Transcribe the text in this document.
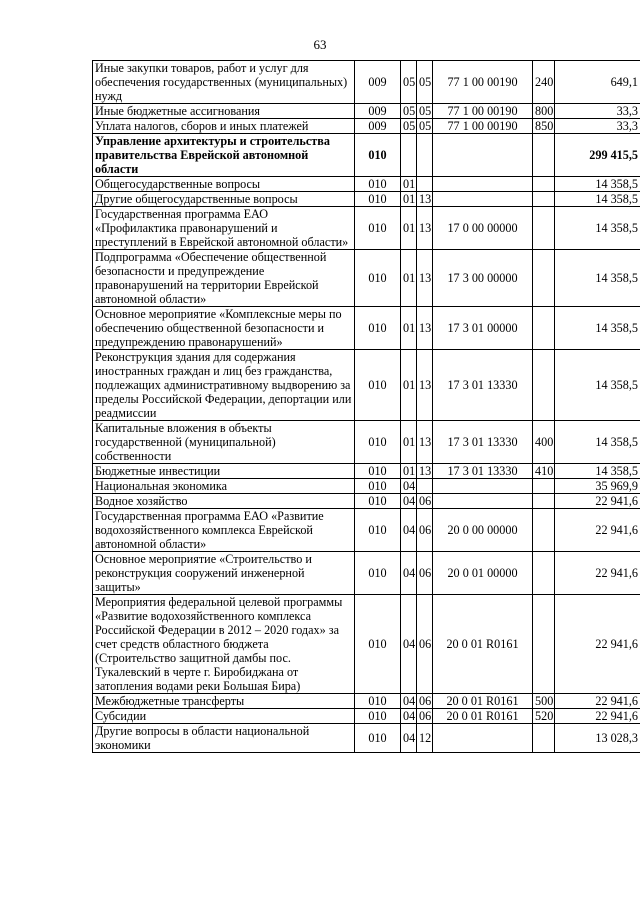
63
Иные закупки товаров, работ и услуг для обеспечения государственных (муниципальных) нужд	009	05	05	77 1 00 00190	240	649,1
Иные бюджетные ассигнования	009	05	05	77 1 00 00190	800	33,3
Уплата налогов, сборов и иных платежей	009	05	05	77 1 00 00190	850	33,3
Управление архитектуры и строительства правительства Еврейской автономной области	010					299 415,5
Общегосударственные вопросы	010	01				14 358,5
Другие общегосударственные вопросы	010	01	13			14 358,5
Государственная программа ЕАО «Профилактика правонарушений и преступлений в Еврейской автономной области»	010	01	13	17 0 00 00000		14 358,5
Подпрограмма «Обеспечение общественной безопасности и предупреждение правонарушений на территории Еврейской автономной области»	010	01	13	17 3 00 00000		14 358,5
Основное мероприятие «Комплексные меры по обеспечению общественной безопасности и предупреждению правонарушений»	010	01	13	17 3 01 00000		14 358,5
Реконструкция здания для содержания иностранных граждан и лиц без гражданства, подлежащих административному выдворению за пределы Российской Федерации, депортации или реадмиссии	010	01	13	17 3 01 13330		14 358,5
Капитальные вложения в объекты государственной (муниципальной) собственности	010	01	13	17 3 01 13330	400	14 358,5
Бюджетные инвестиции	010	01	13	17 3 01 13330	410	14 358,5
Национальная экономика	010	04				35 969,9
Водное хозяйство	010	04	06			22 941,6
Государственная программа ЕАО «Развитие водохозяйственного комплекса Еврейской автономной области»	010	04	06	20 0 00 00000		22 941,6
Основное мероприятие «Строительство и реконструкция сооружений инженерной защиты»	010	04	06	20 0 01 00000		22 941,6
Мероприятия федеральной целевой программы «Развитие водохозяйственного комплекса Российской Федерации в 2012 – 2020 годах» за счет средств областного бюджета (Строительство защитной дамбы пос. Тукалевский в черте г. Биробиджана от затопления водами реки Большая Бира)	010	04	06	20 0 01 R0161		22 941,6
Межбюджетные трансферты	010	04	06	20 0 01 R0161	500	22 941,6
Субсидии	010	04	06	20 0 01 R0161	520	22 941,6
Другие вопросы в области национальной экономики	010	04	12			13 028,3
